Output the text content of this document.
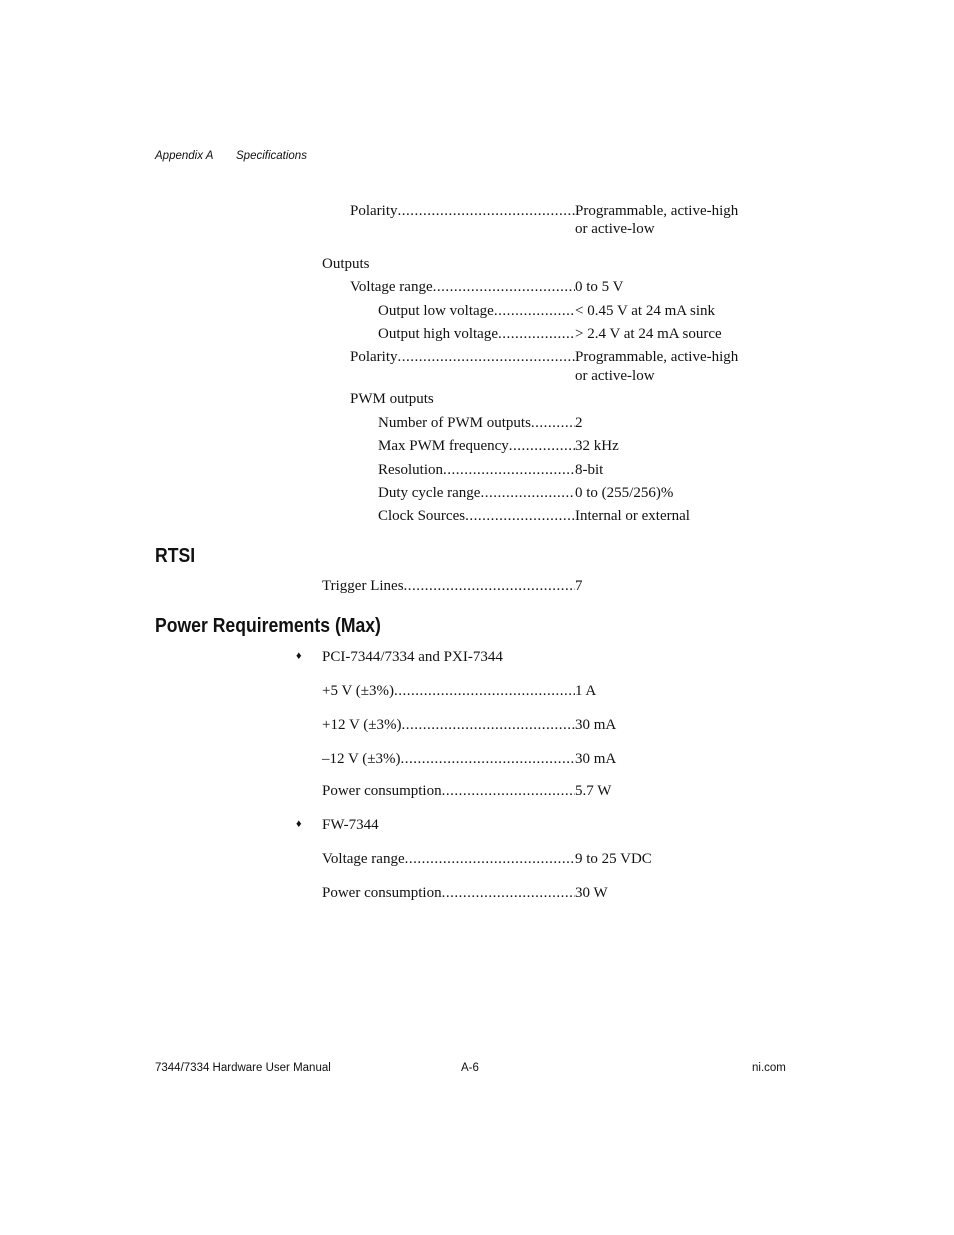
Appendix A Specifications
Polarity .....	Programmable, active-high
or active-low
Outputs
Voltage range .....	0 to 5 V
Output low voltage .....	< 0.45 V at 24 mA sink
Output high voltage .....	> 2.4 V at 24 mA source
Polarity .....	Programmable, active-high
or active-low
PWM outputs
Number of PWM outputs .....	2
Max PWM frequency .....	32 kHz
Resolution .....	8-bit
Duty cycle range .....	0 to (255/256)%
Clock Sources .....	Internal or external
RTSI
Trigger Lines .....	7
Power Requirements (Max)
♦ PCI-7344/7334 and PXI-7344
+5 V (±3%) .....	1 A
+12 V (±3%) .....	30 mA
–12 V (±3%) .....	30 mA
Power consumption .....	5.7 W
♦ FW-7344
Voltage range .....	9 to 25 VDC
Power consumption .....	30 W
7344/7334 Hardware User Manual	A-6	ni.com
